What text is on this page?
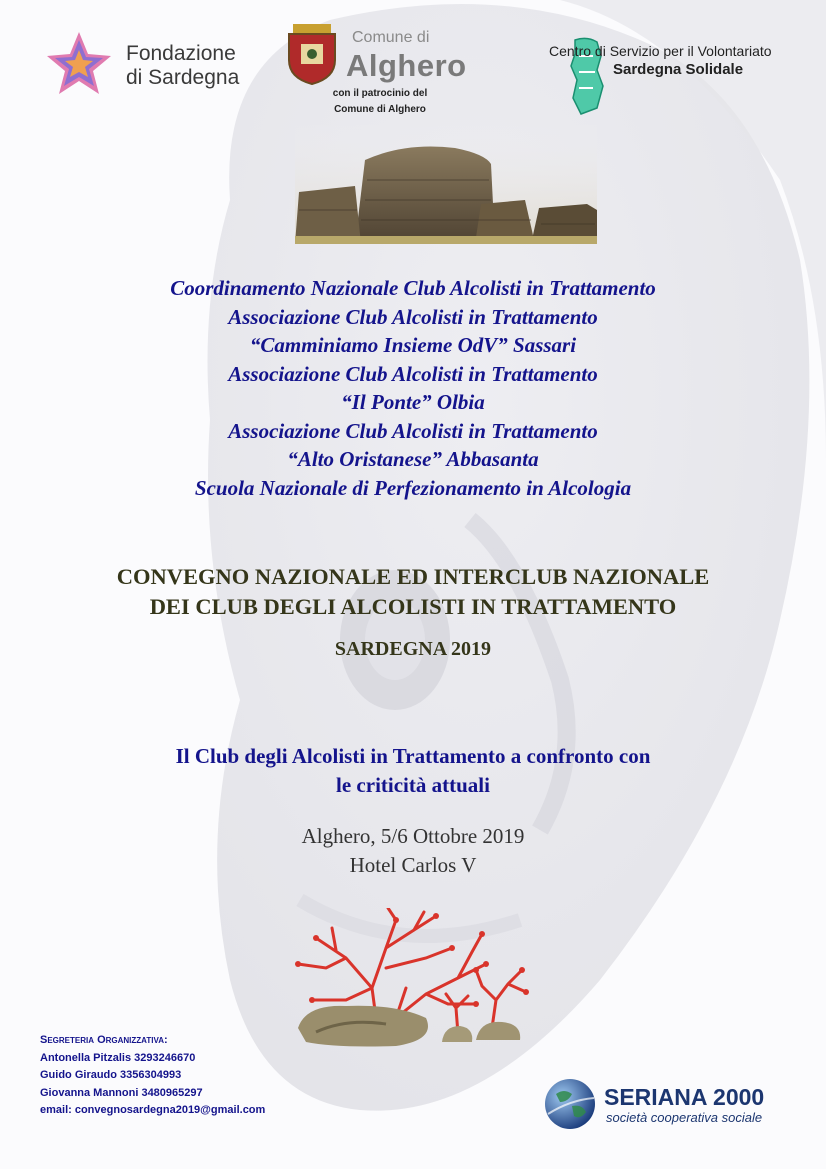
Fondazione
di Sardegna
Comune di
Alghero
con il patrocinio del
Comune di Alghero
Centro di Servizio per il Volontariato
Sardegna Solidale
Coordinamento Nazionale Club Alcolisti in Trattamento
Associazione Club Alcolisti in Trattamento
“Camminiamo Insieme OdV” Sassari
Associazione Club Alcolisti in Trattamento
“Il Ponte” Olbia
Associazione Club Alcolisti in Trattamento
“Alto Oristanese” Abbasanta
Scuola Nazionale di Perfezionamento in Alcologia
CONVEGNO NAZIONALE ED INTERCLUB NAZIONALE
DEI CLUB DEGLI ALCOLISTI IN TRATTAMENTO
SARDEGNA 2019
Il Club degli Alcolisti in Trattamento a confronto con
le criticità attuali
Alghero, 5/6 Ottobre 2019
Hotel Carlos V
Segreteria Organizzativa:
Antonella Pitzalis 3293246670
Guido Giraudo 3356304993
Giovanna Mannoni 3480965297
email: convegnosardegna2019@gmail.com	SERIANA 2000
società cooperativa sociale
